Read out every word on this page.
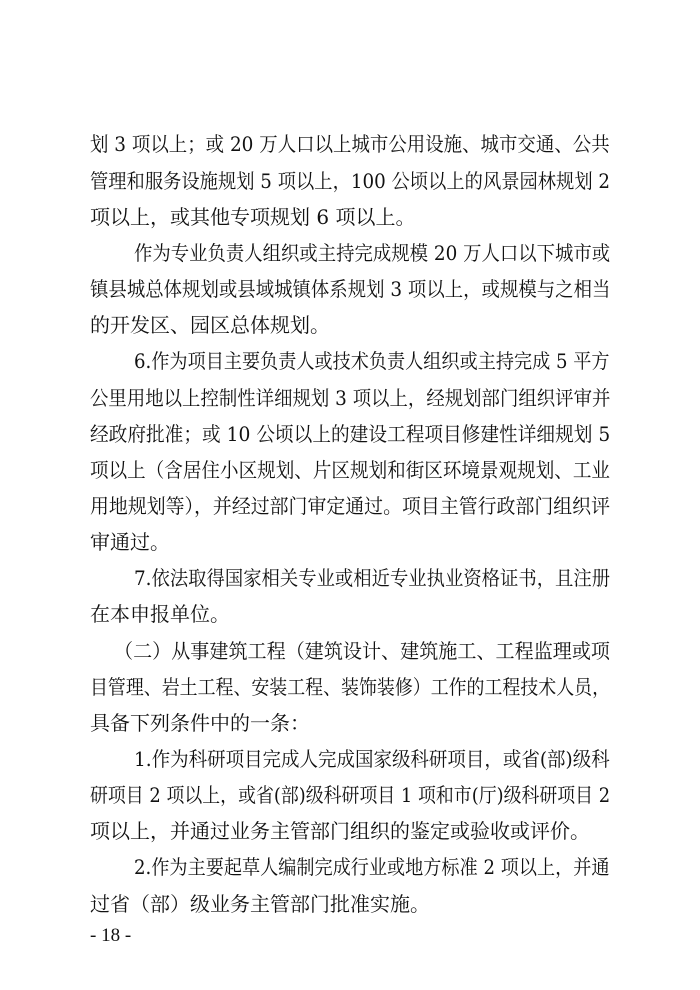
划 3 项以上；或 20 万人口以上城市公用设施、城市交通、公共
管理和服务设施规划 5 项以上，100 公顷以上的风景园林规划 2
项以上，或其他专项规划 6 项以上。
作为专业负责人组织或主持完成规模 20 万人口以下城市或
镇县城总体规划或县域城镇体系规划 3 项以上，或规模与之相当
的开发区、园区总体规划。
6.作为项目主要负责人或技术负责人组织或主持完成 5 平方
公里用地以上控制性详细规划 3 项以上，经规划部门组织评审并
经政府批准；或 10 公顷以上的建设工程项目修建性详细规划 5
项以上（含居住小区规划、片区规划和街区环境景观规划、工业
用地规划等），并经过部门审定通过。项目主管行政部门组织评
审通过。
7.依法取得国家相关专业或相近专业执业资格证书，且注册
在本申报单位。
（二）从事建筑工程（建筑设计、建筑施工、工程监理或项
目管理、岩土工程、安装工程、装饰装修）工作的工程技术人员，
具备下列条件中的一条：
1.作为科研项目完成人完成国家级科研项目，或省(部)级科
研项目 2 项以上，或省(部)级科研项目 1 项和市(厅)级科研项目 2
项以上，并通过业务主管部门组织的鉴定或验收或评价。
2.作为主要起草人编制完成行业或地方标准 2 项以上，并通
过省（部）级业务主管部门批准实施。
- 18 -
